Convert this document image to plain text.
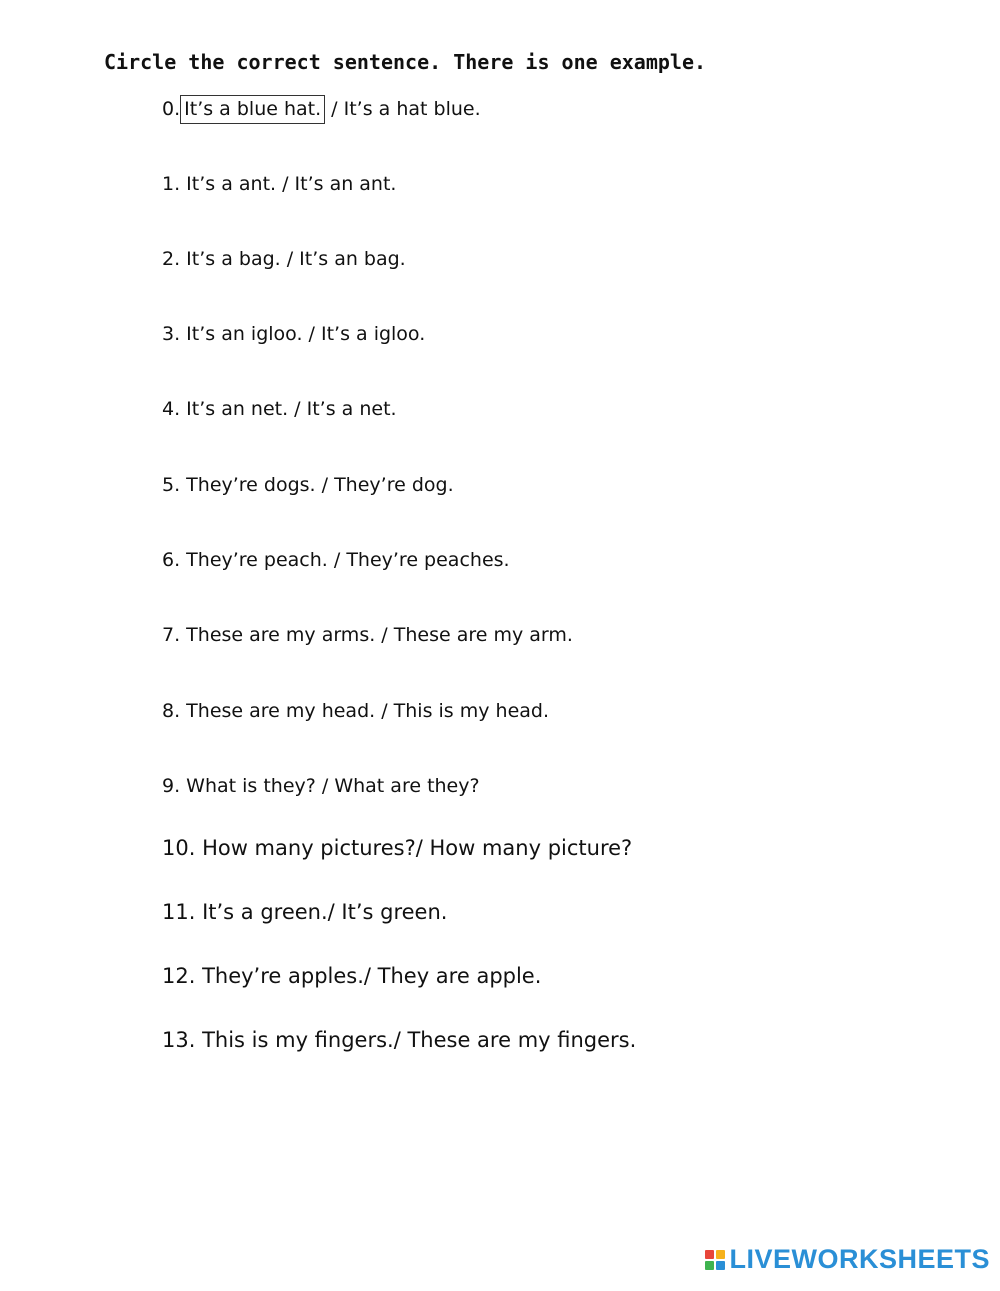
Circle the correct sentence. There is one example.
0. It’s a blue hat. / It’s a hat blue.
1. It’s a ant. / It’s an ant.
2. It’s a bag. / It’s an bag.
3. It’s an igloo. / It’s a igloo.
4. It’s an net. / It’s a net.
5. They’re dogs. / They’re dog.
6. They’re peach. / They’re peaches.
7. These are my arms. / These are my arm.
8. These are my head. / This is my head.
9. What is they? / What are they?
10. How many pictures?/ How many picture?
11. It’s a green./ It’s green.
12. They’re apples./ They are apple.
13. This is my fingers./ These are my fingers.
LIVEWORKSHEETS
